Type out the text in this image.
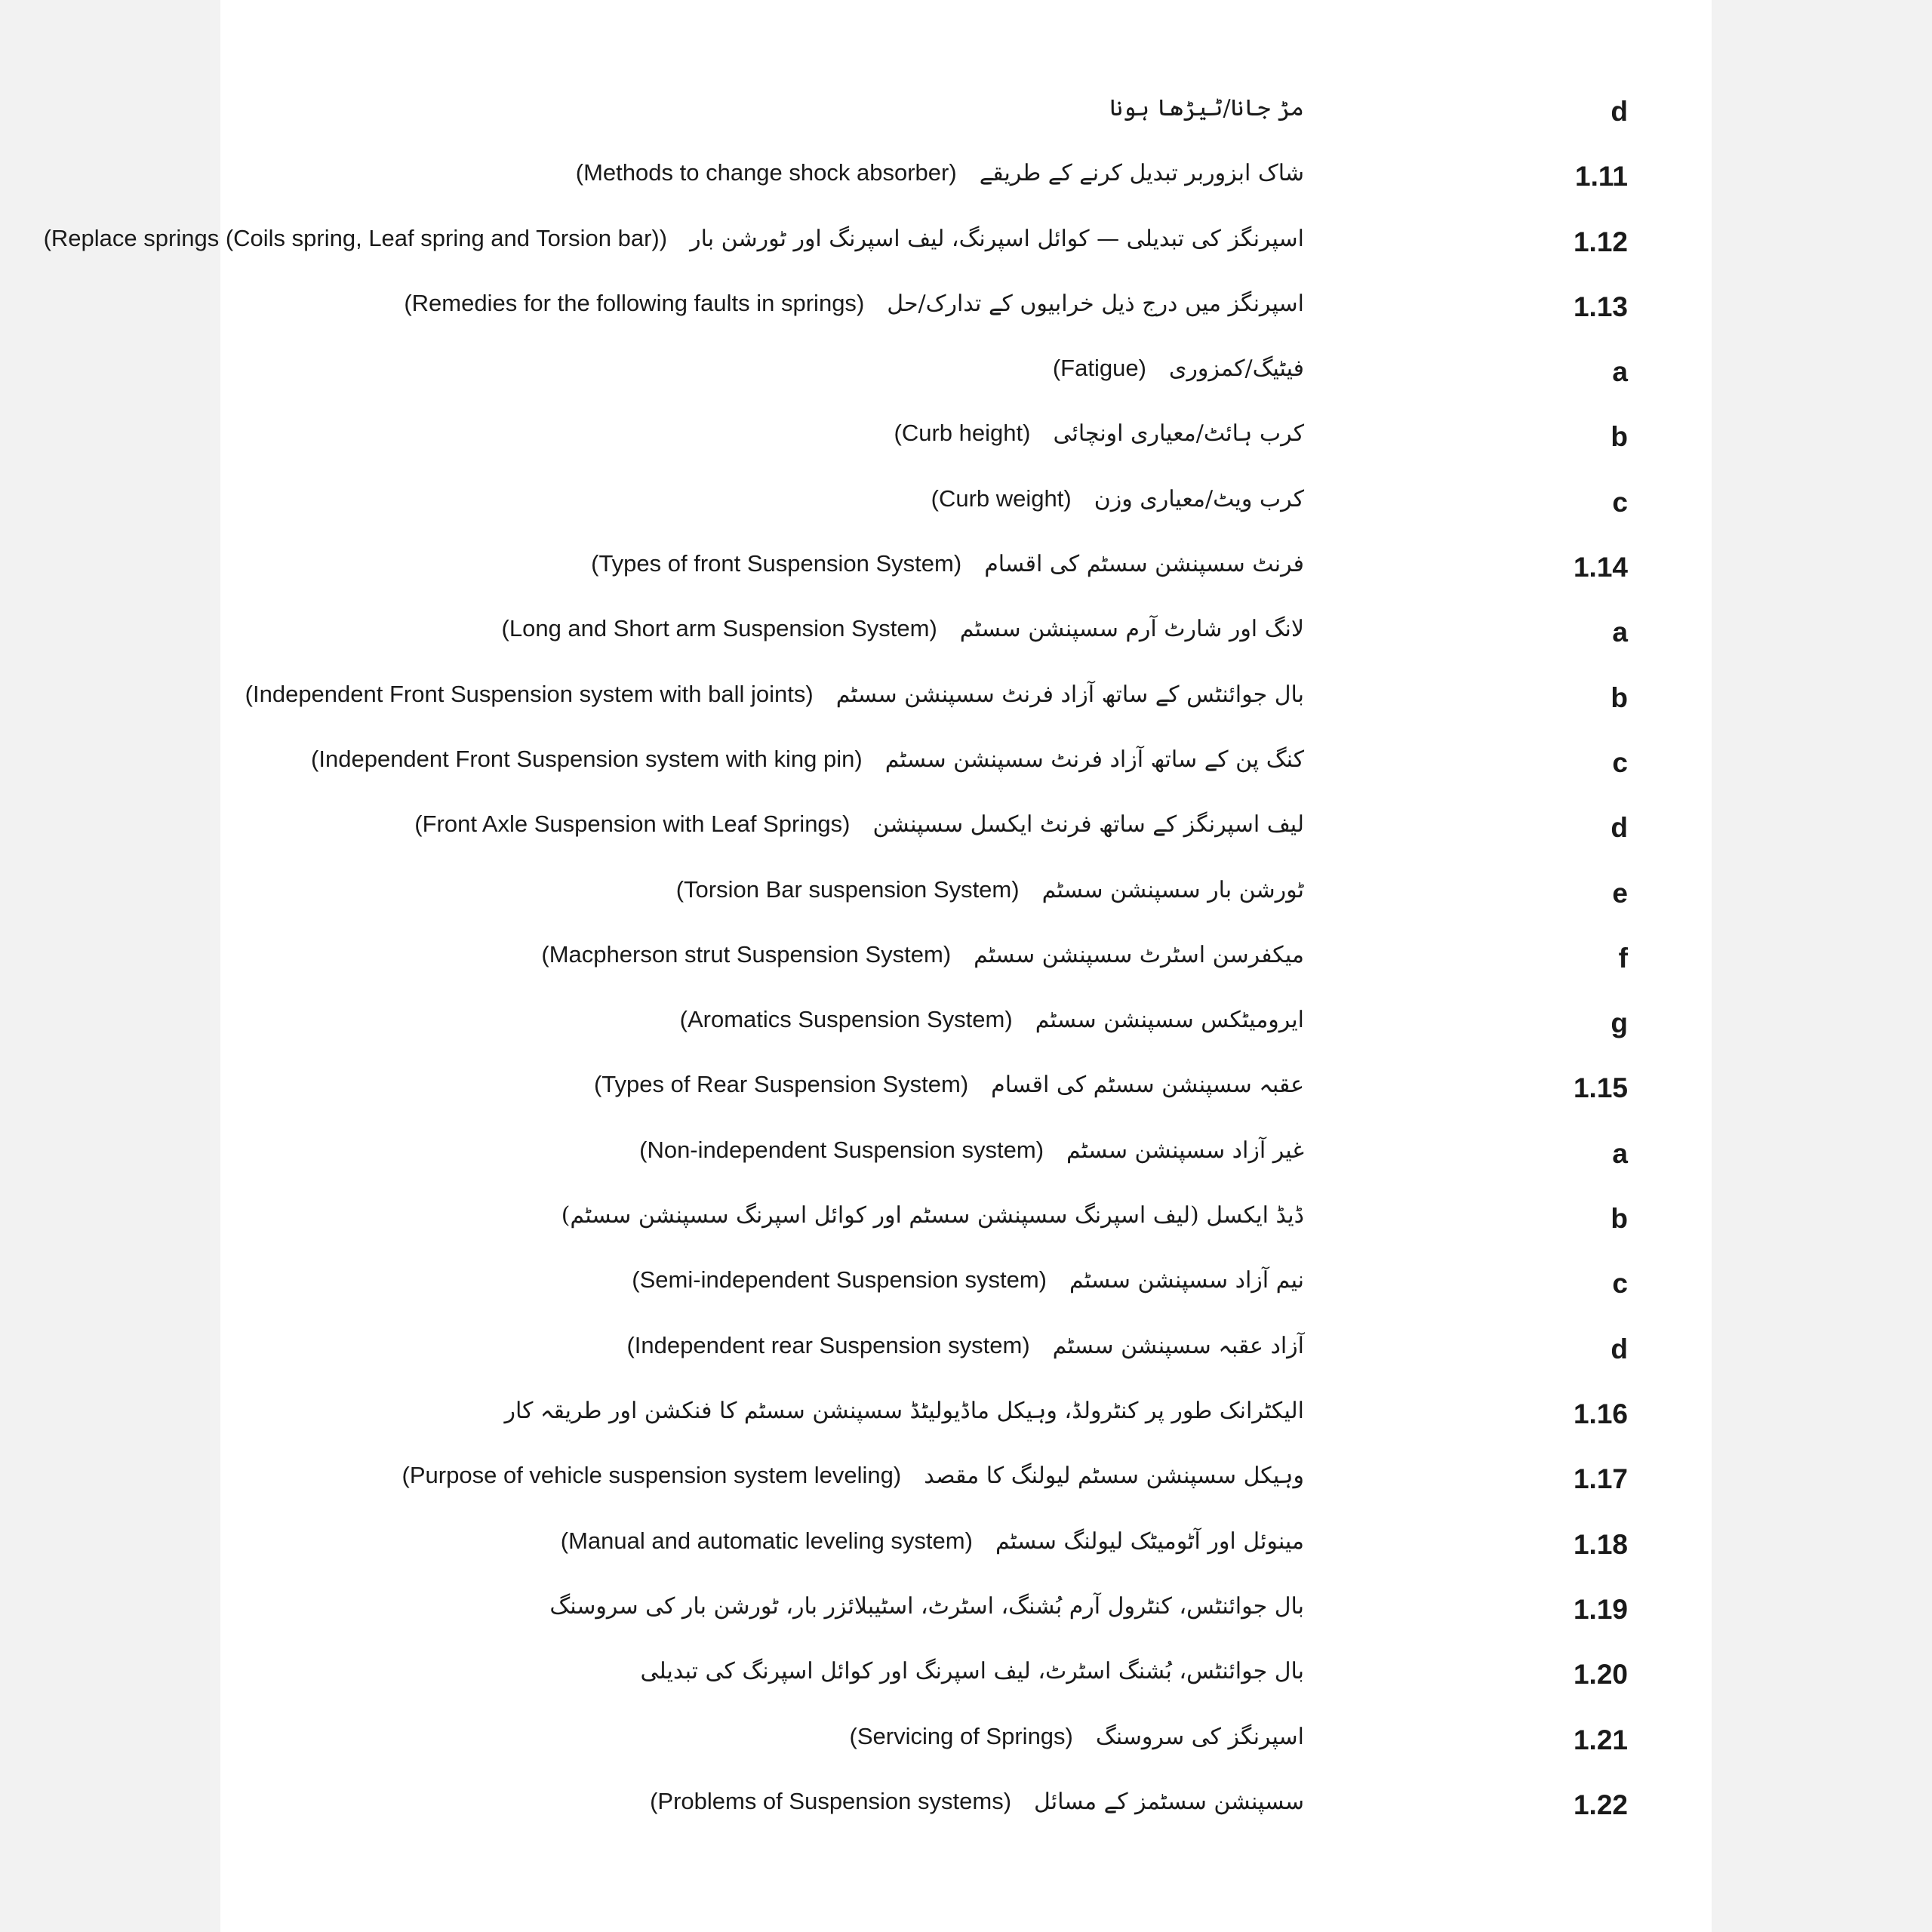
d
مڑ جانا/ٹیڑھا ہونا
1.11
شاک ابزوربر تبدیل کرنے کے طریقے(Methods to change shock absorber)
1.12
اسپرنگز کی تبدیلی — کوائل اسپرنگ، لیف اسپرنگ اور ٹورشن بار(Replace springs (Coils spring, Leaf spring and Torsion bar))
1.13
اسپرنگز میں درج ذیل خرابیوں کے تدارک/حل(Remedies for the following faults in springs)
a
فیٹیگ/کمزوری(Fatigue)
b
کرب ہائٹ/معیاری اونچائی(Curb height)
c
کرب ویٹ/معیاری وزن(Curb weight)
1.14
فرنٹ سسپنشن سسٹم کی اقسام(Types of front Suspension System)
a
لانگ اور شارٹ آرم سسپنشن سسٹم(Long and Short arm Suspension System)
b
بال جوائنٹس کے ساتھ آزاد فرنٹ سسپنشن سسٹم(Independent Front Suspension system with ball joints)
c
کنگ پن کے ساتھ آزاد فرنٹ سسپنشن سسٹم(Independent Front Suspension system with king pin)
d
لیف اسپرنگز کے ساتھ فرنٹ ایکسل سسپنشن(Front Axle Suspension with Leaf Springs)
e
ٹورشن بار سسپنشن سسٹم(Torsion Bar suspension System)
f
میکفرسن اسٹرٹ سسپنشن سسٹم(Macpherson strut Suspension System)
g
ایرومیٹکس سسپنشن سسٹم(Aromatics Suspension System)
1.15
عقبہ سسپنشن سسٹم کی اقسام(Types of Rear Suspension System)
a
غیر آزاد سسپنشن سسٹم(Non-independent Suspension system)
b
ڈیڈ ایکسل (لیف اسپرنگ سسپنشن سسٹم اور کوائل اسپرنگ سسپنشن سسٹم)
c
نیم آزاد سسپنشن سسٹم(Semi-independent Suspension system)
d
آزاد عقبہ سسپنشن سسٹم(Independent rear Suspension system)
1.16
الیکٹرانک طور پر کنٹرولڈ، وہیکل ماڈیولیٹڈ سسپنشن سسٹم کا فنکشن اور طریقہ کار
1.17
وہیکل سسپنشن سسٹم لیولنگ کا مقصد(Purpose of vehicle suspension system leveling)
1.18
مینوئل اور آٹومیٹک لیولنگ سسٹم(Manual and automatic leveling system)
1.19
بال جوائنٹس، کنٹرول آرم بُشنگ، اسٹرٹ، اسٹیبلائزر بار، ٹورشن بار کی سروسنگ
1.20
بال جوائنٹس، بُشنگ اسٹرٹ، لیف اسپرنگ اور کوائل اسپرنگ کی تبدیلی
1.21
اسپرنگز کی سروسنگ(Servicing of Springs)
1.22
سسپنشن سسٹمز کے مسائل(Problems of Suspension systems)
